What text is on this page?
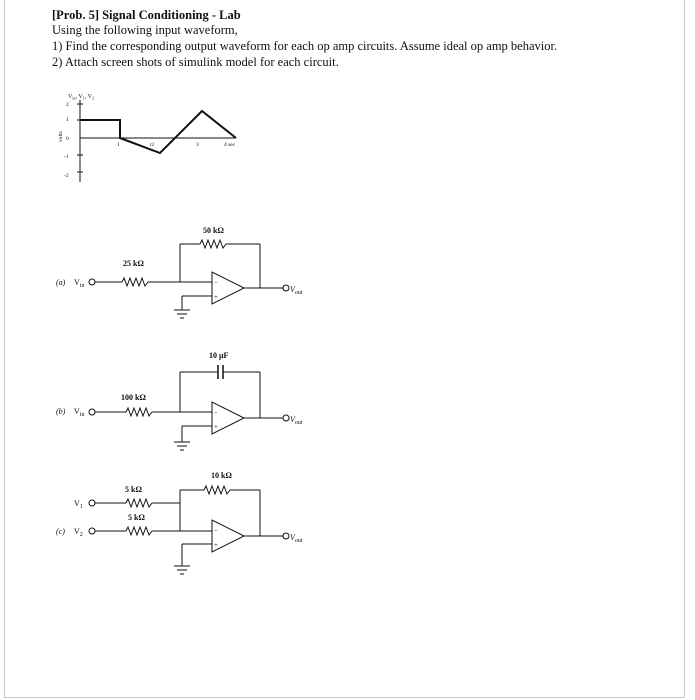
[Prob. 5] Signal Conditioning - Lab
Using the following input waveform,
1) Find the corresponding output waveform for each op amp circuits. Assume ideal op amp behavior.
2) Attach screen shots of simulink model for each circuit.
$V_{in}$, $V_1$, $V_2$
volts
2
1
0
-1
-2
1	t2	3	4 sec
(a) $V_{in}$
25 kΩ
50 kΩ
−
+
$V_{out}$
(b) $V_{in}$
100 kΩ
10 μF
−
+
$V_{out}$
$V_1$
(c) $V_2$
5 kΩ
5 kΩ
10 kΩ
−
+
$V_{out}$
